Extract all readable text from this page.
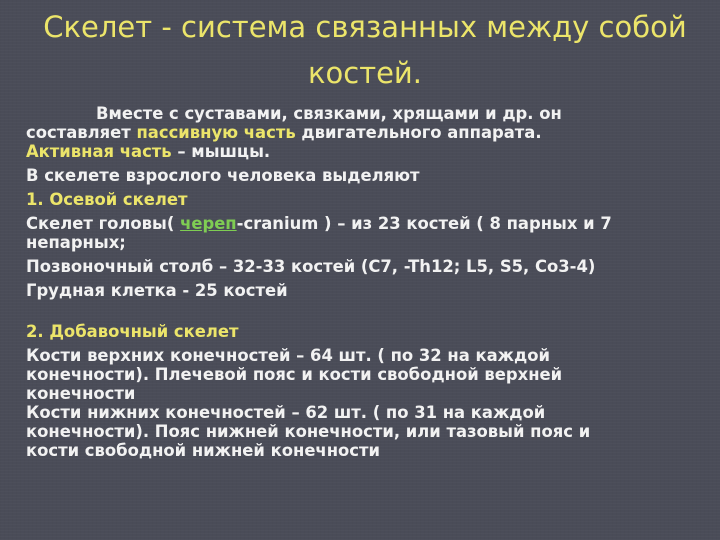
Скелет - система связанных между собой костей.
Вместе с суставами, связками, хрящами и др. он
составляет пассивную часть двигательного аппарата.
Активная часть – мышцы.
В скелете взрослого человека выделяют
1. Осевой скелет
Скелет головы( череп-cranium ) – из 23 костей ( 8 парных и 7
непарных;
Позвоночный столб – 32-33 костей (C7, -Th12; L5, S5, Co3-4)
Грудная клетка - 25 костей
2. Добавочный скелет
Кости верхних конечностей – 64 шт. ( по 32 на каждой
конечности). Плечевой пояс и кости свободной верхней
конечности
Кости нижних конечностей – 62 шт. ( по 31 на каждой
конечности). Пояс нижней конечности, или тазовый пояс и
кости свободной нижней конечности
